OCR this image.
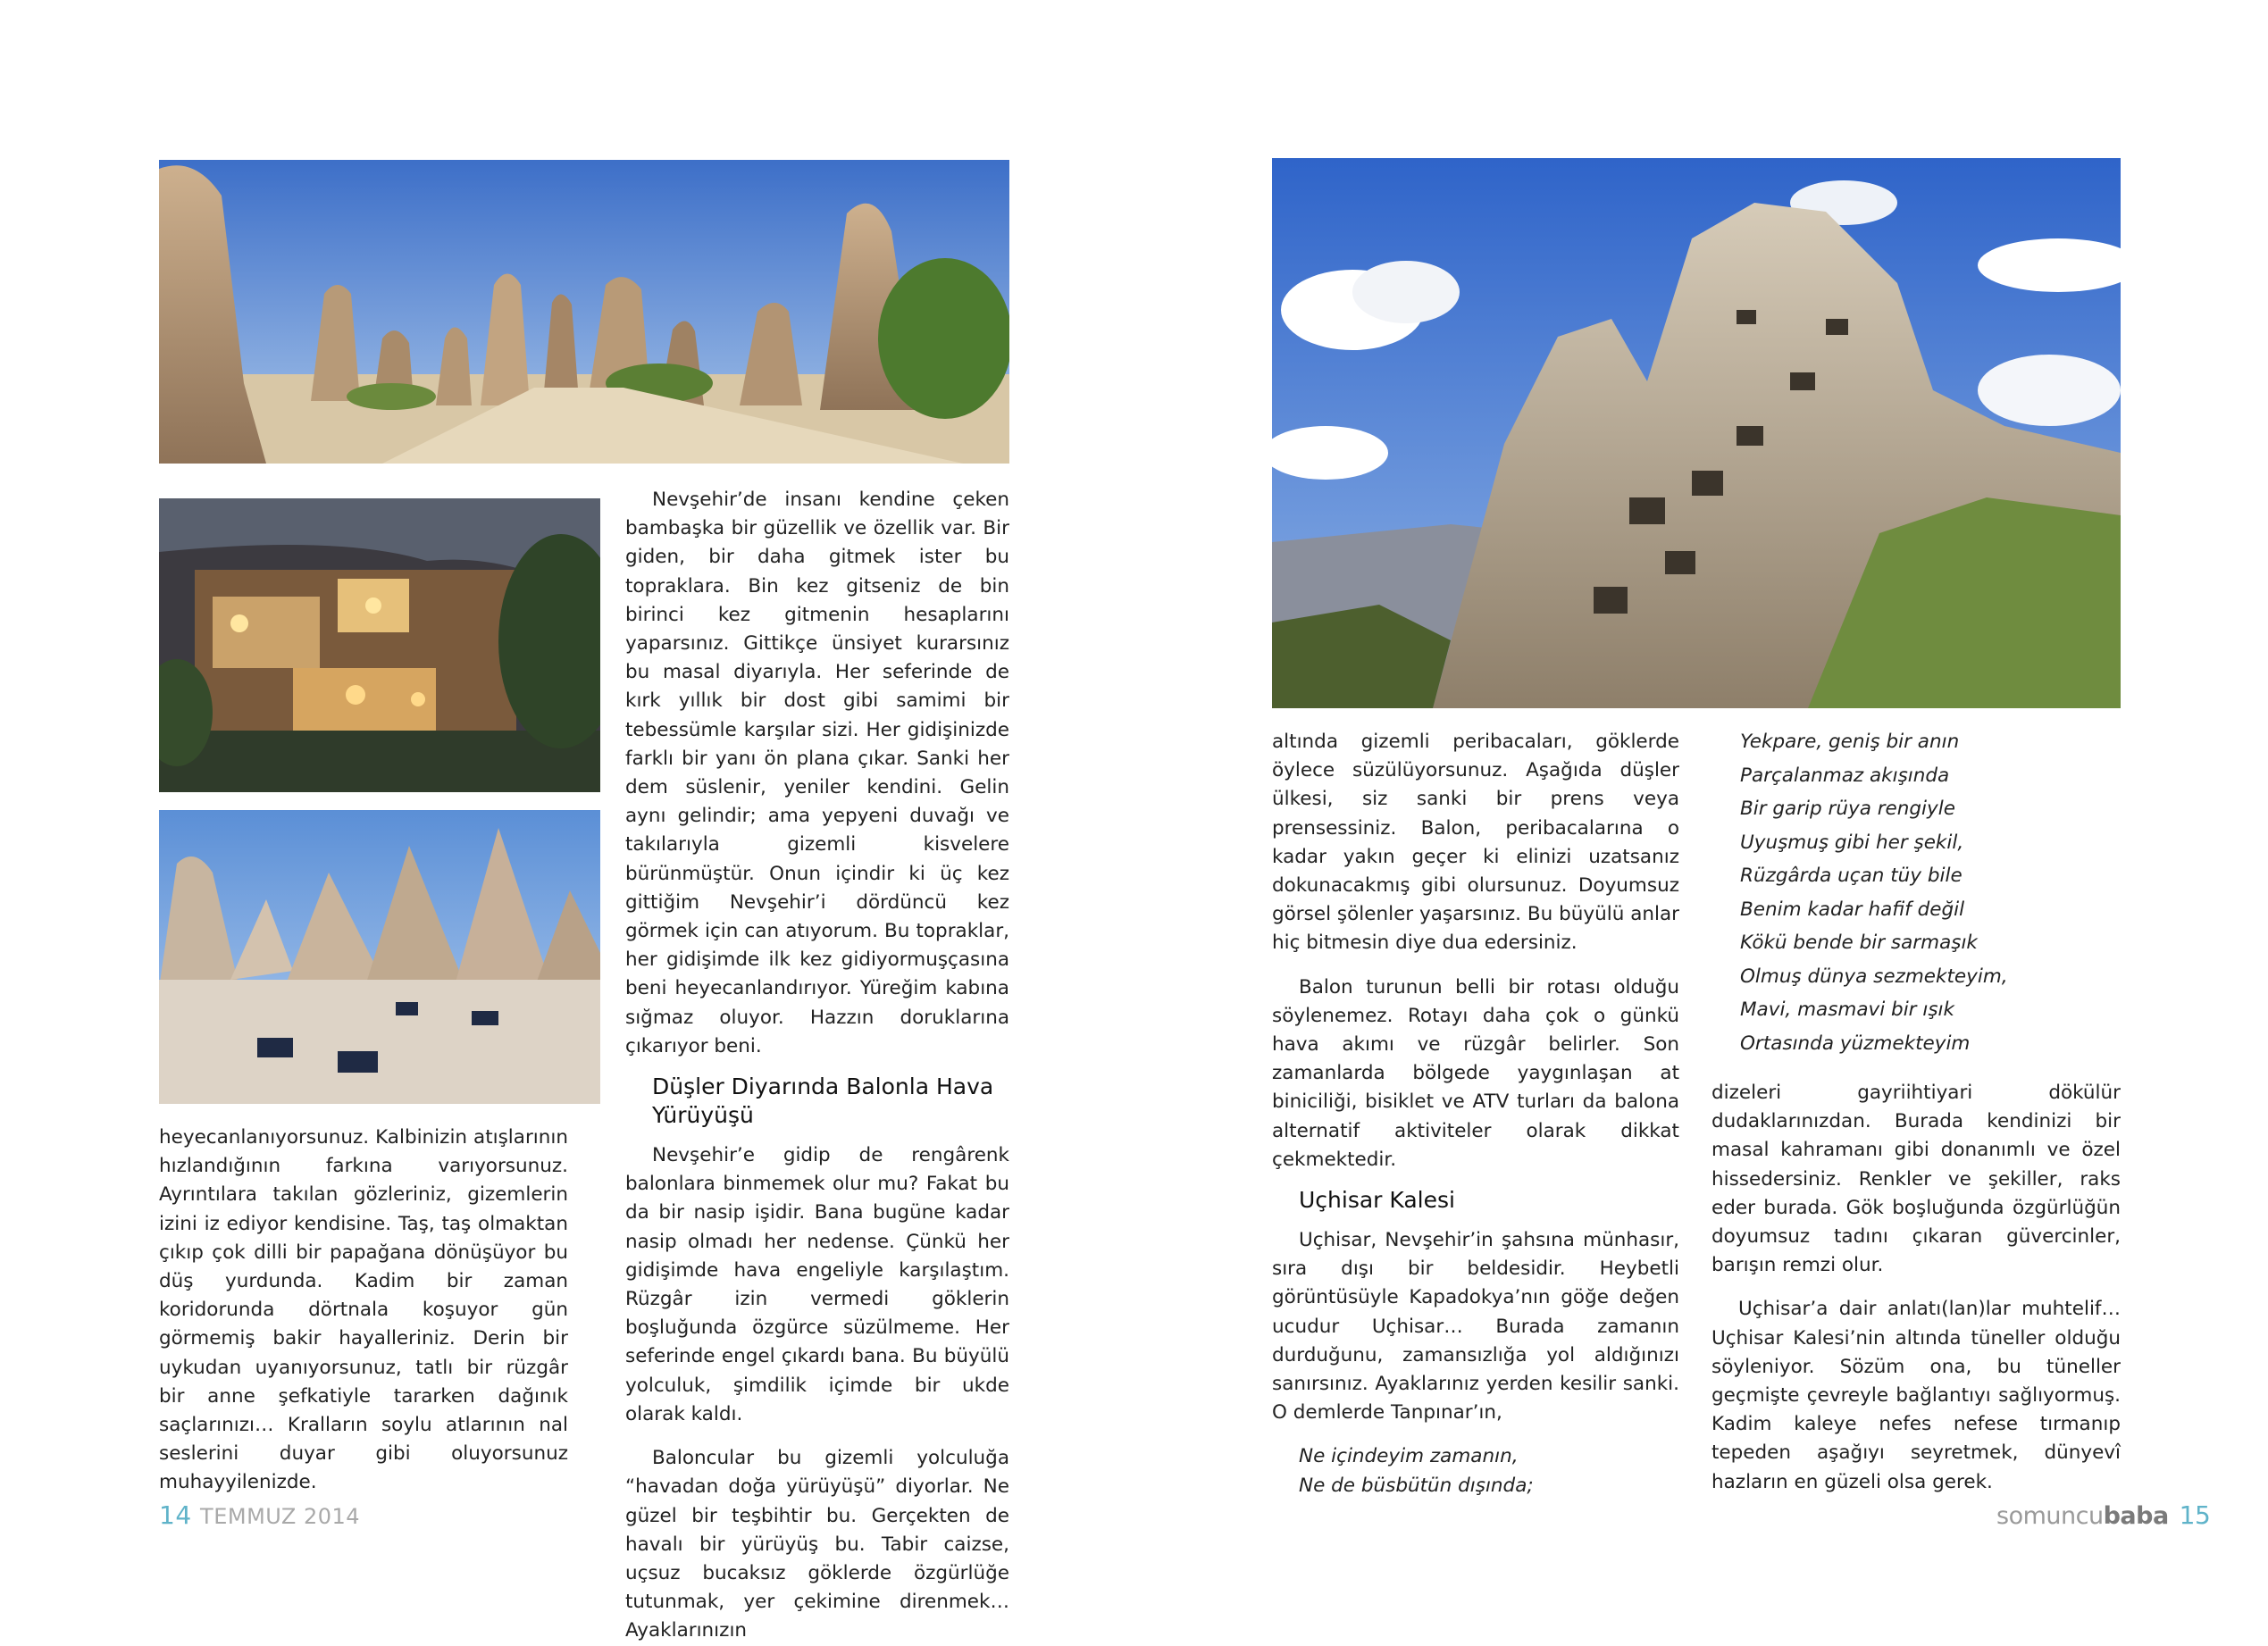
heyecanlanıyorsunuz. Kalbinizin atışlarının hızlandığının farkına varıyorsunuz. Ayrıntılara takılan gözleriniz, gizemlerin izini iz ediyor kendisine. Taş, taş olmaktan çıkıp çok dilli bir papağana dönüşüyor bu düş yurdunda. Kadim bir zaman koridorunda dörtnala koşuyor gün görmemiş bakir hayalleriniz. Derin bir uykudan uyanıyorsunuz, tatlı bir rüzgâr bir anne şefkatiyle tararken dağınık saçlarınızı… Kralların soylu atlarının nal seslerini duyar gibi oluyorsunuz muhayyilenizde.

Nevşehir’de insanı kendine çeken bambaşka bir güzellik ve özellik var. Bir giden, bir daha gitmek ister bu topraklara. Bin kez gitseniz de bin birinci kez gitmenin hesaplarını yaparsınız. Gittikçe ünsiyet kurarsınız bu masal diyarıyla. Her seferinde de kırk yıllık bir dost gibi samimi bir tebessümle karşılar sizi. Her gidişinizde farklı bir yanı ön plana çıkar. Sanki her dem süslenir, yeniler kendini. Gelin aynı gelindir; ama yepyeni duvağı ve takılarıyla gizemli kisvelere bürünmüştür. Onun içindir ki üç kez gittiğim Nevşehir’i dördüncü kez görmek için can atıyorum. Bu topraklar, her gidişimde ilk kez gidiyormuşçasına beni heyecanlandırıyor. Yüreğim kabına sığmaz oluyor. Hazzın doruklarına çıkarıyor beni.

Düşler Diyarında Balonla Hava Yürüyüşü

Nevşehir’e gidip de rengârenk balonlara binmemek olur mu? Fakat bu da bir nasip işidir. Bana bugüne kadar nasip olmadı her nedense. Çünkü her gidişimde hava engeliyle karşılaştım. Rüzgâr izin vermedi göklerin boşluğunda özgürce süzülmeme. Her seferinde engel çıkardı bana. Bu büyülü yolculuk, şimdilik içimde bir ukde olarak kaldı.

Baloncular bu gizemli yolculuğa “havadan doğa yürüyüşü” diyorlar. Ne güzel bir teşbihtir bu. Gerçekten de havalı bir yürüyüş bu. Tabir caizse, uçsuz bucaksız göklerde özgürlüğe tutunmak, yer çekimine direnmek… Ayaklarınızın

14 TEMMUZ 2014

altında gizemli peribacaları, göklerde öylece süzülüyorsunuz. Aşağıda düşler ülkesi, siz sanki bir prens veya prensessiniz. Balon, peribacalarına o kadar yakın geçer ki elinizi uzatsanız dokunacakmış gibi olursunuz. Doyumsuz görsel şölenler yaşarsınız. Bu büyülü anlar hiç bitmesin diye dua edersiniz.

Balon turunun belli bir rotası olduğu söylenemez. Rotayı daha çok o günkü hava akımı ve rüzgâr belirler. Son zamanlarda bölgede yaygınlaşan at biniciliği, bisiklet ve ATV turları da balona alternatif aktiviteler olarak dikkat çekmektedir.

Uçhisar Kalesi

Uçhisar, Nevşehir’in şahsına münhasır, sıra dışı bir beldesidir. Heybetli görüntüsüyle Kapadokya’nın göğe değen ucudur Uçhisar… Burada zamanın durduğunu, zamansızlığa yol aldığınızı sanırsınız. Ayaklarınız yerden kesilir sanki. O demlerde Tanpınar’ın,

Ne içindeyim zamanın,
Ne de büsbütün dışında;
Yekpare, geniş bir anın
Parçalanmaz akışında
Bir garip rüya rengiyle
Uyuşmuş gibi her şekil,
Rüzgârda uçan tüy bile
Benim kadar hafif değil
Kökü bende bir sarmaşık
Olmuş dünya sezmekteyim,
Mavi, masmavi bir ışık
Ortasında yüzmekteyim

dizeleri gayriihtiyari dökülür dudaklarınızdan. Burada kendinizi bir masal kahramanı gibi donanımlı ve özel hissedersiniz. Renkler ve şekiller, raks eder burada. Gök boşluğunda özgürlüğün doyumsuz tadını çıkaran güvercinler, barışın remzi olur.

Uçhisar’a dair anlatı(lan)lar muhtelif… Uçhisar Kalesi’nin altında tüneller olduğu söyleniyor. Sözüm ona, bu tüneller geçmişte çevreyle bağlantıyı sağlıyormuş. Kadim kaleye nefes nefese tırmanıp tepeden aşağıyı seyretmek, dünyevî hazların en güzeli olsa gerek.

somuncubaba 15
